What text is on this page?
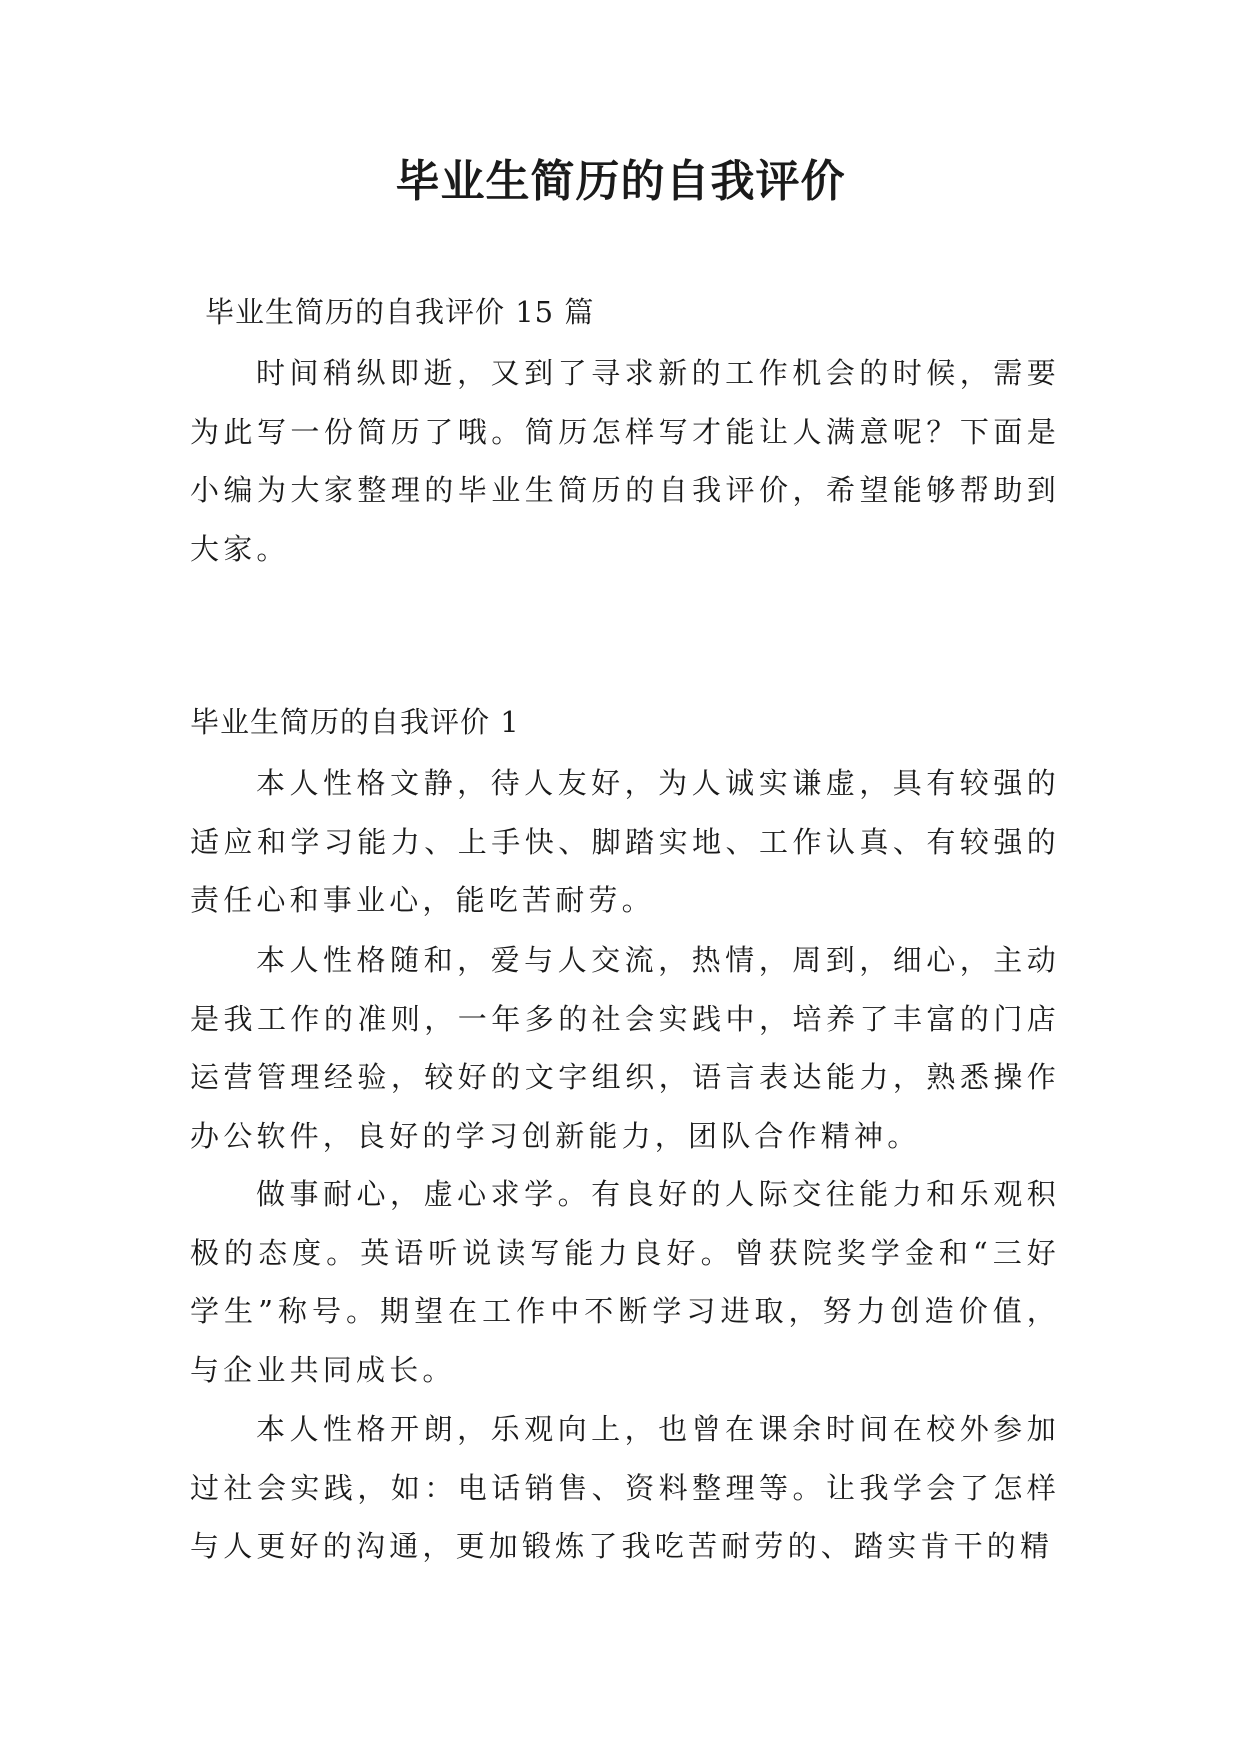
毕业生简历的自我评价

毕业生简历的自我评价 15 篇

时间稍纵即逝，又到了寻求新的工作机会的时候，需要为此写一份简历了哦。简历怎样写才能让人满意呢？下面是小编为大家整理的毕业生简历的自我评价，希望能够帮助到大家。

毕业生简历的自我评价 1

本人性格文静，待人友好，为人诚实谦虚，具有较强的适应和学习能力、上手快、脚踏实地、工作认真、有较强的责任心和事业心，能吃苦耐劳。

本人性格随和，爱与人交流，热情，周到，细心，主动是我工作的准则，一年多的社会实践中，培养了丰富的门店运营管理经验，较好的文字组织，语言表达能力，熟悉操作办公软件，良好的学习创新能力，团队合作精神。

做事耐心，虚心求学。有良好的人际交往能力和乐观积极的态度。英语听说读写能力良好。曾获院奖学金和“三好学生”称号。期望在工作中不断学习进取，努力创造价值，与企业共同成长。

本人性格开朗，乐观向上，也曾在课余时间在校外参加过社会实践，如：电话销售、资料整理等。让我学会了怎样与人更好的沟通，更加锻炼了我吃苦耐劳的、踏实肯干的精
